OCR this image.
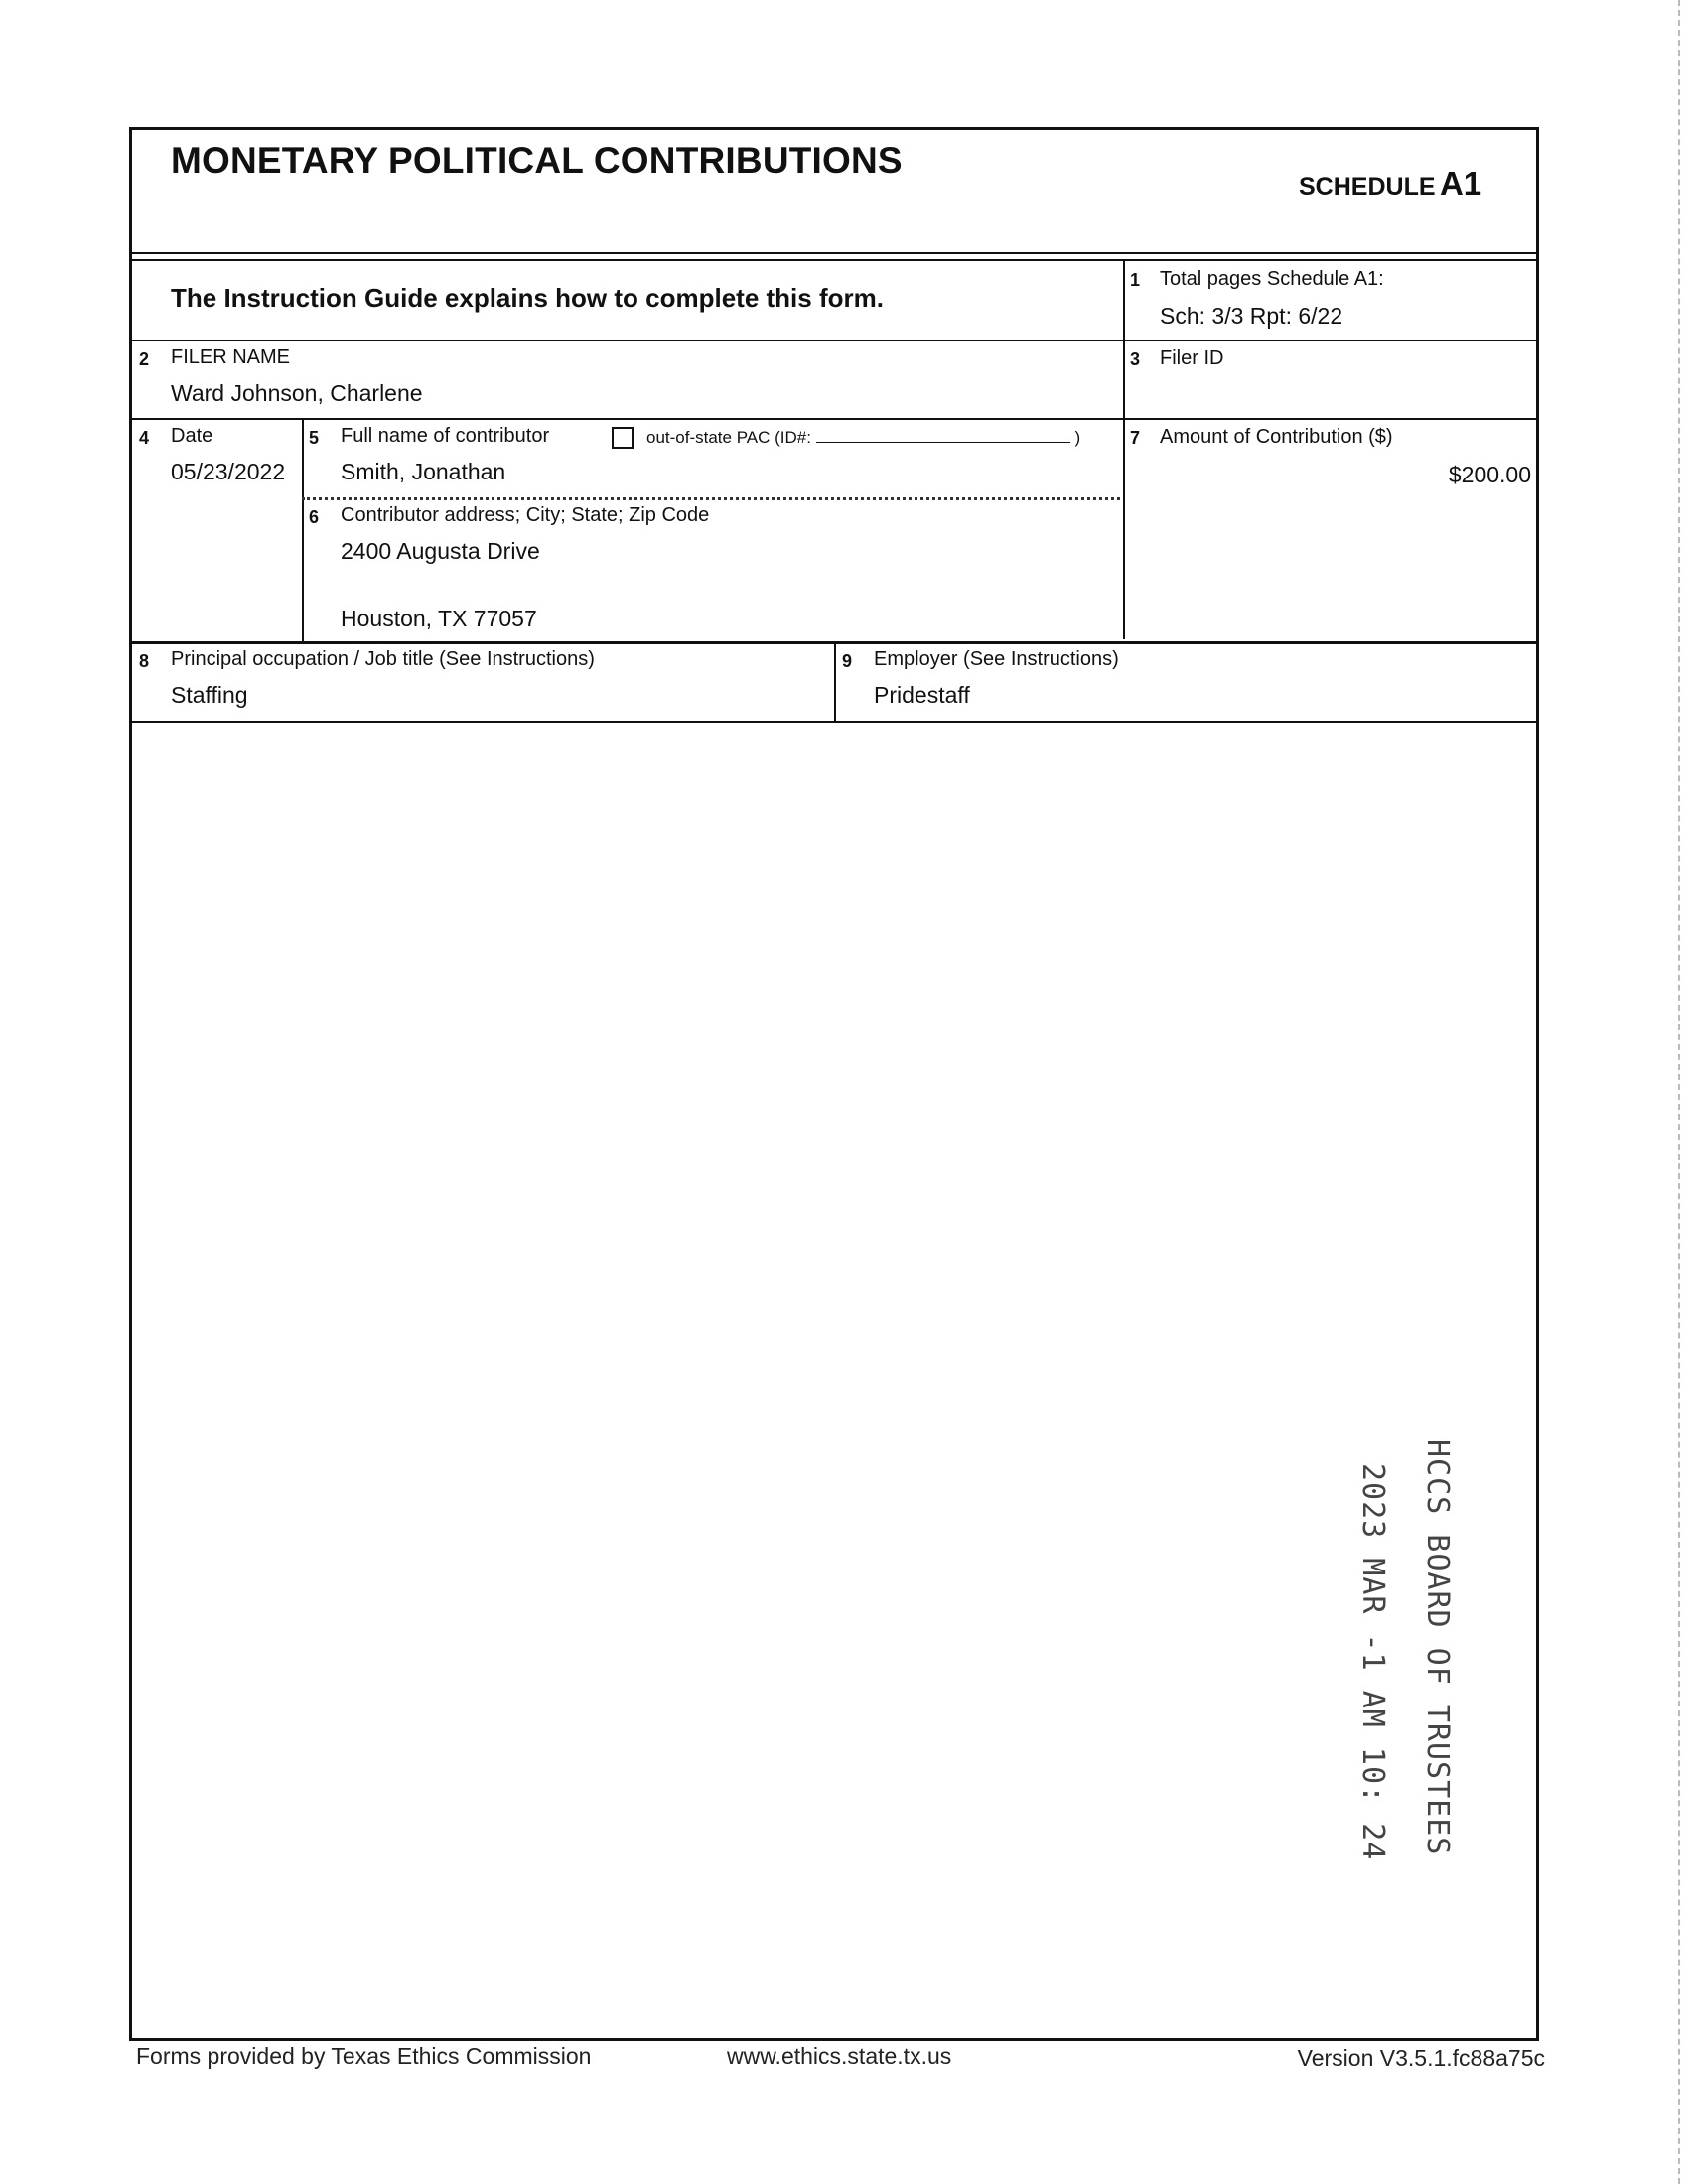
MONETARY POLITICAL CONTRIBUTIONS
SCHEDULE A1
The Instruction Guide explains how to complete this form.
1 Total pages Schedule A1:
Sch: 3/3 Rpt: 6/22
2 FILER NAME
Ward Johnson, Charlene
3 Filer ID
4 Date
05/23/2022
5 Full name of contributor	out-of-state PAC (ID#:	)
Smith, Jonathan
6 Contributor address; City; State; Zip Code
2400 Augusta Drive
Houston, TX 77057
7 Amount of Contribution ($)
$200.00
8 Principal occupation / Job title (See Instructions)
Staffing
9 Employer (See Instructions)
Pridestaff
HCCS BOARD OF TRUSTEES
2023 MAR -1 AM 10: 24
Forms provided by Texas Ethics Commission	www.ethics.state.tx.us	Version V3.5.1.fc88a75c
